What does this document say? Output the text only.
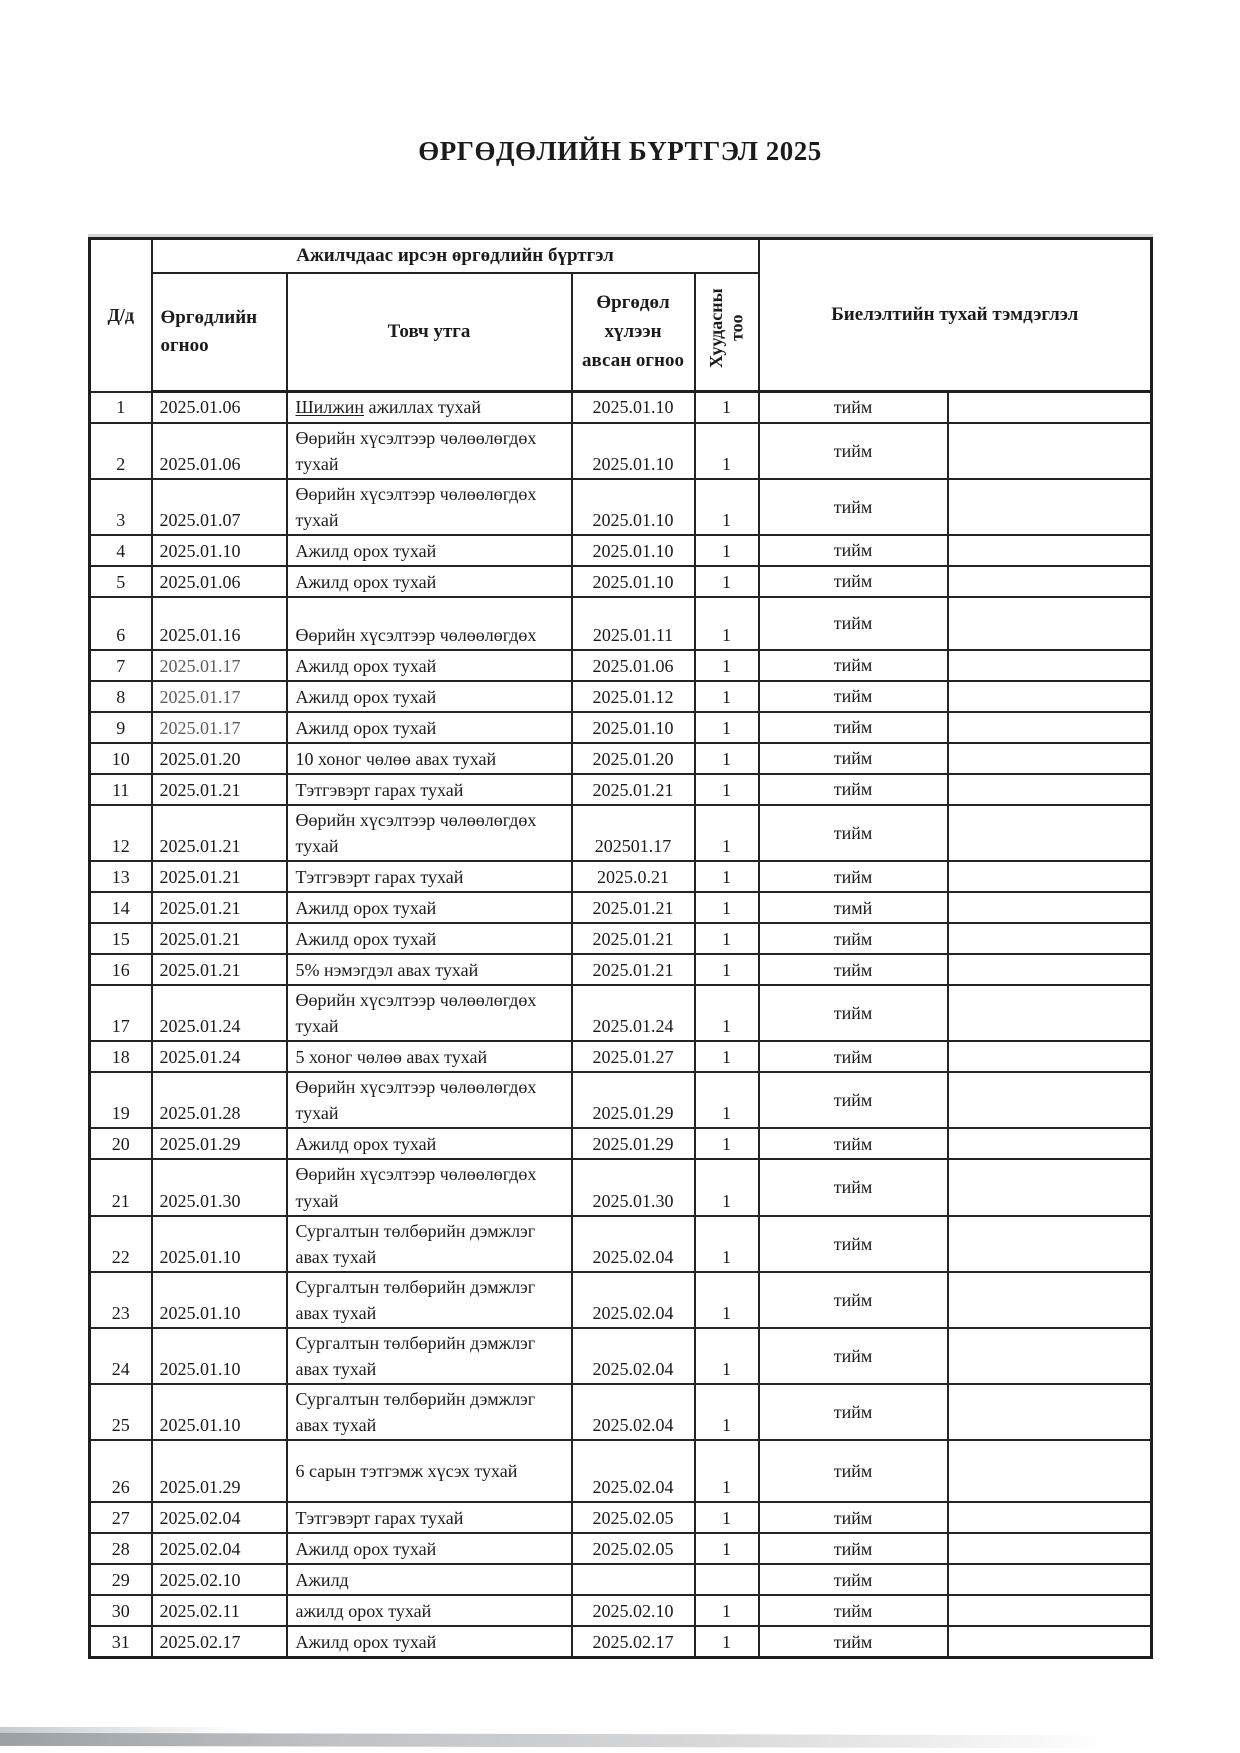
ӨРГӨДӨЛИЙН БҮРТГЭЛ 2025
Д/д	Ажилчдаас ирсэн өргөдлийн бүртгэл				Биелэлтийн тухай тэмдэглэл	
	Өргөдлийн огноо	Товч утга	Өргөдөл хүлээн авсан огноо	Хуудасны тоо		
1	2025.01.06	Шилжин ажиллах тухай	2025.01.10	1	тийм	
2	2025.01.06	Өөрийн хүсэлтээр чөлөөлөгдөх тухай	2025.01.10	1	тийм	
3	2025.01.07	Өөрийн хүсэлтээр чөлөөлөгдөх тухай	2025.01.10	1	тийм	
4	2025.01.10	Ажилд орох тухай	2025.01.10	1	тийм	
5	2025.01.06	Ажилд орох тухай	2025.01.10	1	тийм	
6	2025.01.16	Өөрийн хүсэлтээр чөлөөлөгдөх	2025.01.11	1	тийм	
7	2025.01.17	Ажилд орох тухай	2025.01.06	1	тийм	
8	2025.01.17	Ажилд орох тухай	2025.01.12	1	тийм	
9	2025.01.17	Ажилд орох тухай	2025.01.10	1	тийм	
10	2025.01.20	10 хоног чөлөө авах тухай	2025.01.20	1	тийм	
11	2025.01.21	Тэтгэвэрт гарах тухай	2025.01.21	1	тийм	
12	2025.01.21	Өөрийн хүсэлтээр чөлөөлөгдөх тухай	202501.17	1	тийм	
13	2025.01.21	Тэтгэвэрт гарах тухай	2025.0.21	1	тийм	
14	2025.01.21	Ажилд орох тухай	2025.01.21	1	тимй	
15	2025.01.21	Ажилд орох тухай	2025.01.21	1	тийм	
16	2025.01.21	5% нэмэгдэл авах тухай	2025.01.21	1	тийм	
17	2025.01.24	Өөрийн хүсэлтээр чөлөөлөгдөх тухай	2025.01.24	1	тийм	
18	2025.01.24	5 хоног чөлөө авах тухай	2025.01.27	1	тийм	
19	2025.01.28	Өөрийн хүсэлтээр чөлөөлөгдөх тухай	2025.01.29	1	тийм	
20	2025.01.29	Ажилд орох тухай	2025.01.29	1	тийм	
21	2025.01.30	Өөрийн хүсэлтээр чөлөөлөгдөх тухай	2025.01.30	1	тийм	
22	2025.01.10	Сургалтын төлбөрийн дэмжлэг авах тухай	2025.02.04	1	тийм	
23	2025.01.10	Сургалтын төлбөрийн дэмжлэг авах тухай	2025.02.04	1	тийм	
24	2025.01.10	Сургалтын төлбөрийн дэмжлэг авах тухай	2025.02.04	1	тийм	
25	2025.01.10	Сургалтын төлбөрийн дэмжлэг авах тухай	2025.02.04	1	тийм	
26	2025.01.29	6 сарын тэтгэмж хүсэх тухай	2025.02.04	1	тийм	
27	2025.02.04	Тэтгэвэрт гарах тухай	2025.02.05	1	тийм	
28	2025.02.04	Ажилд орох тухай	2025.02.05	1	тийм	
29	2025.02.10	Ажилд			тийм	
30	2025.02.11	ажилд орох тухай	2025.02.10	1	тийм	
31	2025.02.17	Ажилд орох тухай	2025.02.17	1	тийм	
